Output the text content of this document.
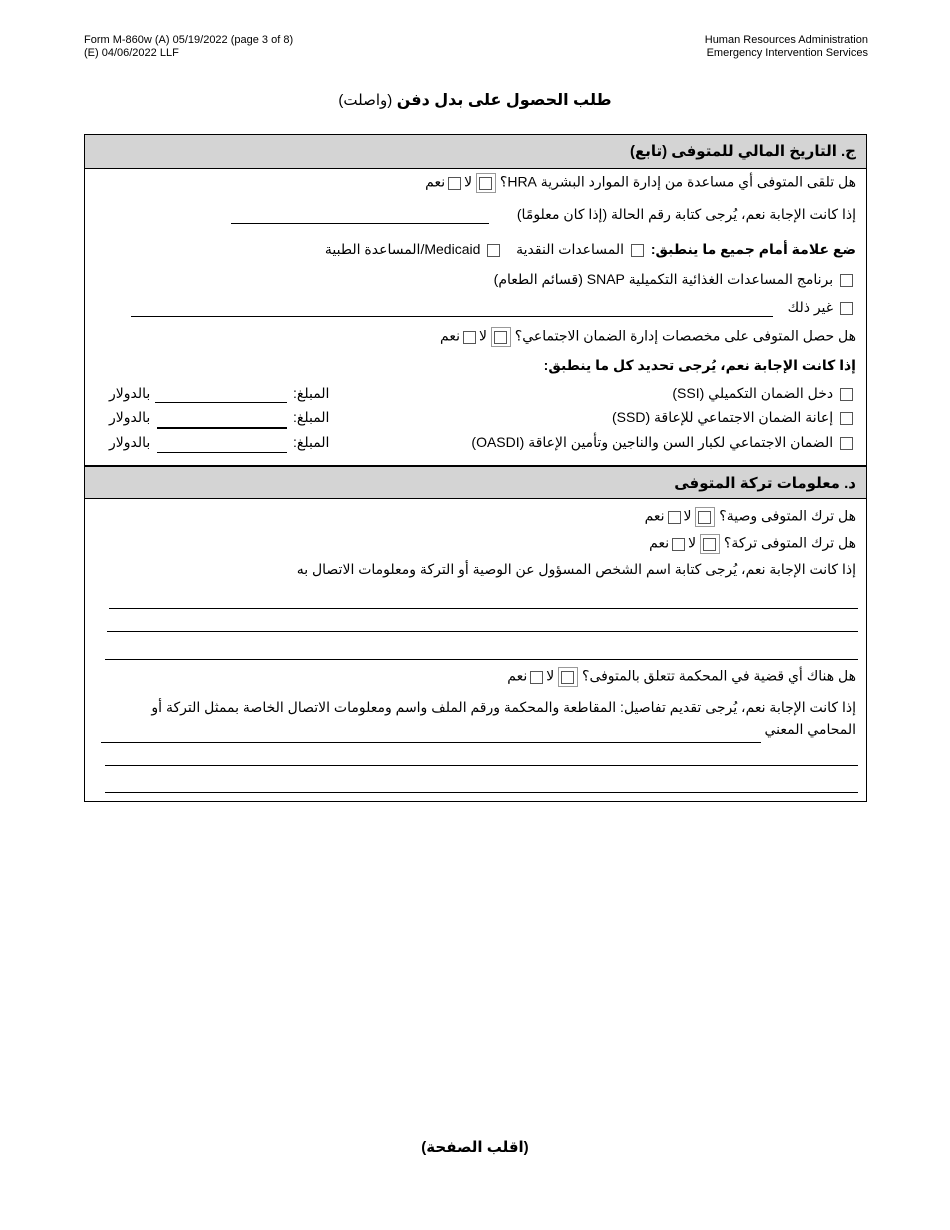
Form M-860w (A) 05/19/2022 (page 3 of 8)
(E) 04/06/2022 LLF
Human Resources Administration
Emergency Intervention Services
طلب الحصول على بدل دفن (واصلت)
ج. التاريخ المالي للمتوفى (تابع)
هل تلقى المتوفى أي مساعدة من إدارة الموارد البشرية HRA؟
لانعم
إذا كانت الإجابة نعم، يُرجى كتابة رقم الحالة (إذا كان معلومًا)
ضع علامة أمام جميع ما ينطبق:  المساعدات النقدية  Medicaid/المساعدة الطبية
برنامج المساعدات الغذائية التكميلية SNAP (قسائم الطعام)
غير ذلك
هل حصل المتوفى على مخصصات إدارة الضمان الاجتماعي؟
لانعم
إذا كانت الإجابة نعم، يُرجى تحديد كل ما ينطبق:
دخل الضمان التكميلي (SSI)
المبلغ:
بالدولار
إعانة الضمان الاجتماعي للإعاقة (SSD)
المبلغ:
بالدولار
الضمان الاجتماعي لكبار السن والناجين وتأمين الإعاقة (OASDI)
المبلغ:
بالدولار
د. معلومات تركة المتوفى
هل ترك المتوفى وصية؟
لانعم
هل ترك المتوفى تركة؟
لانعم
إذا كانت الإجابة نعم، يُرجى كتابة اسم الشخص المسؤول عن الوصية أو التركة ومعلومات الاتصال به
هل هناك أي قضية في المحكمة تتعلق بالمتوفى؟
لانعم
إذا كانت الإجابة نعم، يُرجى تقديم تفاصيل: المقاطعة والمحكمة ورقم الملف واسم ومعلومات الاتصال الخاصة بممثل التركة أو
المحامي المعني
(اقلب الصفحة)
